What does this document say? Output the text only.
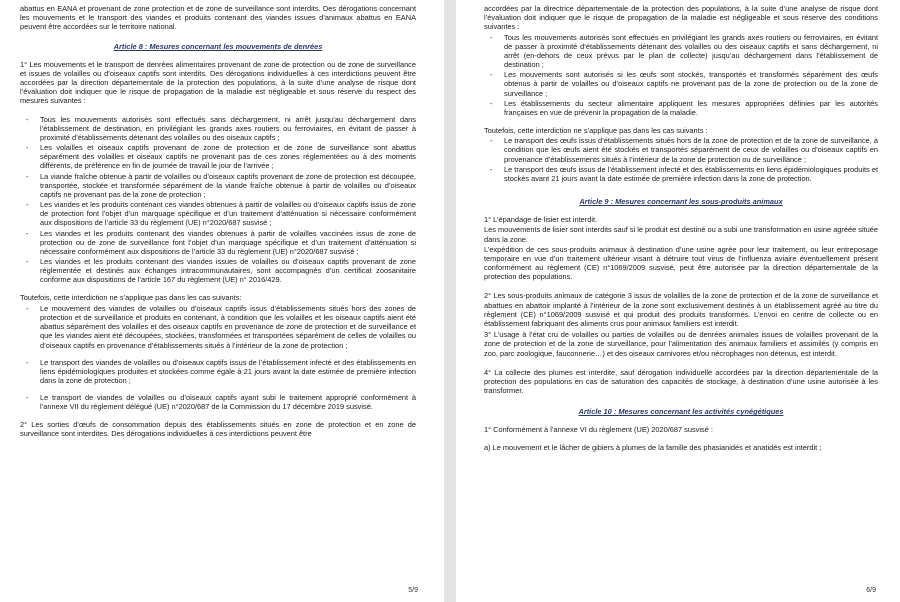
abattus en EANA et provenant de zone protection et de zone de surveillance sont interdits. Des dérogations concernant les mouvements et le transport des viandes et produits contenant des viandes issues d’animaux abattus en EANA peuvent être accordées sur le territoire national.

Article 8 : Mesures concernant les mouvements de denrées

1° Les mouvements et le transport de denrées alimentaires provenant de zone de protection ou de zone de surveillance et issues de volailles ou d’oiseaux captifs sont interdits. Des dérogations individuelles à ces interdictions peuvent être accordées par la direction départementale de la protection des populations, à la suite d’une analyse de risque dont l’évaluation doit indiquer que le risque de propagation de la maladie est négligeable et sous réserve du respect des mesures suivantes :

- Tous les mouvements autorisés sont effectués sans déchargement, ni arrêt jusqu’au déchargement dans l’établissement de destination, en privilégiant les grands axes routiers ou ferroviaires, en évitant de passer à proximité d’établissements détenant des volailles ou des oiseaux captifs ;
- Les volailles et oiseaux captifs provenant de zone de protection et de zone de surveillance sont abattus séparément des volailles et oiseaux captifs ne provenant pas de ces zones réglementées ou à des moments différents, de préférence en fin de journée de travail le jour de l’arrivée ;
- La viande fraîche obtenue à partir de volailles ou d’oiseaux captifs provenant de zone de protection est découpée, transportée, stockée et transformée séparément de la viande fraîche obtenue à partir de volailles ou d’oiseaux captifs ne provenant pas de la zone de protection ;
- Les viandes et les produits contenant ces viandes obtenues à partir de volailles ou d’oiseaux captifs issus de zone de protection font l’objet d’un marquage spécifique et d’un traitement d’atténuation si nécessaire conformément aux dispositions de l’article 33 du règlement (UE) n°2020/687 susvisé ;
- Les viandes et les produits contenant des viandes obtenues à partir de volailles vaccinées issus de zone de protection ou de zone de surveillance font l’objet d’un marquage spécifique et d’un traitement d’atténuation si nécessaire conformément aux dispositions de l’article 33 du règlement (UE) n°2020/687 susvisé ;
- Les viandes et les produits contenant des viandes issues de volailles ou d’oiseaux captifs provenant de zone réglementée et destinés aux échanges intracommunautaires, sont accompagnés d’un certificat zoosanitaire conforme aux dispositions de l’article 167 du règlement (UE) n° 2016/429.

Toutefois, cette interdiction ne s’applique pas dans les cas suivants:

- Le mouvement des viandes de volailles ou d’oiseaux captifs issus d’établissements situés hors des zones de protection et de surveillance et produits en contenant, à condition que les volailles et les oiseaux captifs aient été abattus séparément des volailles et des oiseaux captifs en provenance de zone de protection et de surveillance et que les viandes aient été découpées, stockées, transformées et transportées séparément de celles de volailles ou d’oiseaux captifs en provenance d’établissements situés à l’intérieur de la zone de protection ;
- Le transport des viandes de volailles ou d’oiseaux captifs issus de l’établissement infecté et des établissements en liens épidémiologiques produites et stockées comme égale à 21 jours avant la date estimée de première infection dans la zone de protection ;
- Le transport de viandes de volailles ou d’oiseaux captifs ayant subi le traitement approprié conformément à l’annexe VII du règlement délégué (UE) n°2020/687 de la Commission du 17 décembre 2019 susvisé.

2° Les sorties d’œufs de consommation depuis des établissements situés en zone de protection et en zone de surveillance sont interdites. Des dérogations individuelles à ces interdictions peuvent être

5/9

accordées par la directrice départementale de la protection des populations, à la suite d’une analyse de risque dont l’évaluation doit indiquer que le risque de propagation de la maladie est négligeable et sous réserve des conditions suivantes :

- Tous les mouvements autorisés sont effectués en privilégiant les grands axes routiers ou ferroviaires, en évitant de passer à proximité d’établissements détenant des volailles ou des oiseaux captifs et sans déchargement, ni arrêt (en-dehors de ceux prévus par le plan de collecte) jusqu’au déchargement dans l’établissement de destination ;
- Les mouvements sont autorisés si les œufs sont stockés, transportés et transformés séparément des œufs obtenus à partir de volailles ou d’oiseaux captifs ne provenant pas de la zone de protection ou de la zone de surveillance ;
- Les établissements du secteur alimentaire appliquent les mesures appropriées définies par les autorités françaises en vue de prévenir la propagation de la maladie.

Toutefois, cette interdiction ne s’applique pas dans les cas suivants :

- Le transport des œufs issus d’établissements situés hors de la zone de protection et de la zone de surveillance, à condition que les œufs aient été stockés et transportés séparément de ceux de volailles ou d’oiseaux captifs en provenance d’établissements situés à l’intérieur de la zone de protection ou de surveillance ;
- Le transport des œufs issus de l’établissement infecté et des établissements en liens épidémiologiques produits et stockés avant 21 jours avant la date estimée de première infection dans la zone de protection.
Article 9 : Mesures concernant les sous-produits animaux

1° L’épandage de lisier est interdit.

Les mouvements de lisier sont interdits sauf si le produit est destiné ou a subi une transformation en usine agréée située dans la zone.

L’expédition de ces sous-produits animaux à destination d’une usine agrée pour leur traitement, ou leur entreposage temporaire en vue d’un traitement ultérieur visant à détruire tout virus de l’influenza aviaire éventuellement présent conformément au règlement (CE) n°1069/2009 susvisé, peut être autorisée par la direction départementale de la protection des populations.

2° Les sous-produits animaux de catégorie 3 issus de volailles de la zone de protection et de la zone de surveillance et abattues en abattoir implanté à l’intérieur de la zone sont exclusivement destinés à un établissement agréé au titre du règlement (CE) n°1069/2009 susvisé et qui produit des produits transformés. L’envoi en centre de collecte ou en établissement fabriquant des aliments crus pour animaux familiers est interdit.

3° L’usage à l’état cru de volailles ou parties de volailles ou de denrées animales issues de volailles provenant de la zone de protection et de la zone de surveillance, pour l’alimentation des animaux familiers et assimilés (y compris en zoo, parc zoologique, fauconnerie…) et des oiseaux carnivores et/ou nécrophages non détenus, est interdit.

4° La collecte des plumes est interdite, sauf dérogation individuelle accordées par la direction départementale de la protection des populations en cas de saturation des capacités de stockage, à destination d’une usine autorisée à les transformer.

Article 10 : Mesures concernant les activités cynégétiques

1° Conformément à l’annexe VI du règlement (UE) 2020/687 susvisé :

a) Le mouvement et le lâcher de gibiers à plumes de la famille des phasianidés et anatidés est interdit ;

6/9
